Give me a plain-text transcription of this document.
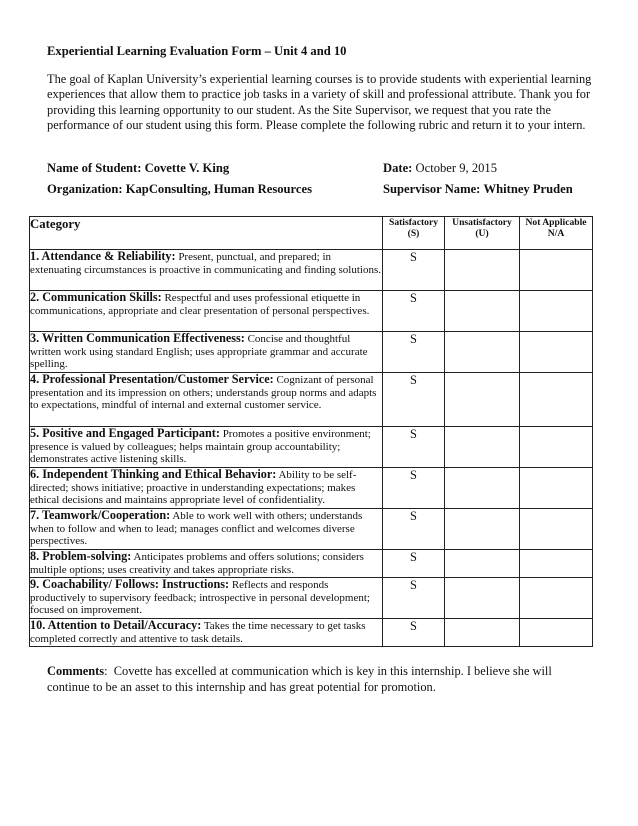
Experiential Learning Evaluation Form – Unit 4 and 10
The goal of Kaplan University’s experiential learning courses is to provide students with experiential learning experiences that allow them to practice job tasks in a variety of skill and professional attribute. Thank you for providing this learning opportunity to our student. As the Site Supervisor, we request that you rate the performance of our student using this form. Please complete the following rubric and return it to your intern.
Name of Student: Covette V. King	Date: October 9, 2015
Organization: KapConsulting, Human Resources	Supervisor Name: Whitney Pruden
Category	Satisfactory (S)	Unsatisfactory (U)	Not Applicable N/A
1. Attendance & Reliability: Present, punctual, and prepared; in extenuating circumstances is proactive in communicating and finding solutions.	S		
2. Communication Skills: Respectful and uses professional etiquette in communications, appropriate and clear presentation of personal perspectives.	S		
3. Written Communication Effectiveness: Concise and thoughtful written work using standard English; uses appropriate grammar and accurate spelling.	S		
4. Professional Presentation/Customer Service: Cognizant of personal presentation and its impression on others; understands group norms and adapts to expectations, mindful of internal and external customer service.	S		
5. Positive and Engaged Participant: Promotes a positive environment; presence is valued by colleagues; helps maintain group accountability; demonstrates active listening skills.	S		
6. Independent Thinking and Ethical Behavior: Ability to be self-directed; shows initiative; proactive in understanding expectations; makes ethical decisions and maintains appropriate level of confidentiality.	S		
7. Teamwork/Cooperation: Able to work well with others; understands when to follow and when to lead; manages conflict and welcomes diverse perspectives.	S		
8. Problem-solving: Anticipates problems and offers solutions; considers multiple options; uses creativity and takes appropriate risks.	S		
9. Coachability/ Follows: Instructions: Reflects and responds productively to supervisory feedback; introspective in personal development; focused on improvement.	S		
10. Attention to Detail/Accuracy: Takes the time necessary to get tasks completed correctly and attentive to task details.	S		
Comments:  Covette has excelled at communication which is key in this internship. I believe she will continue to be an asset to this internship and has great potential for promotion.
